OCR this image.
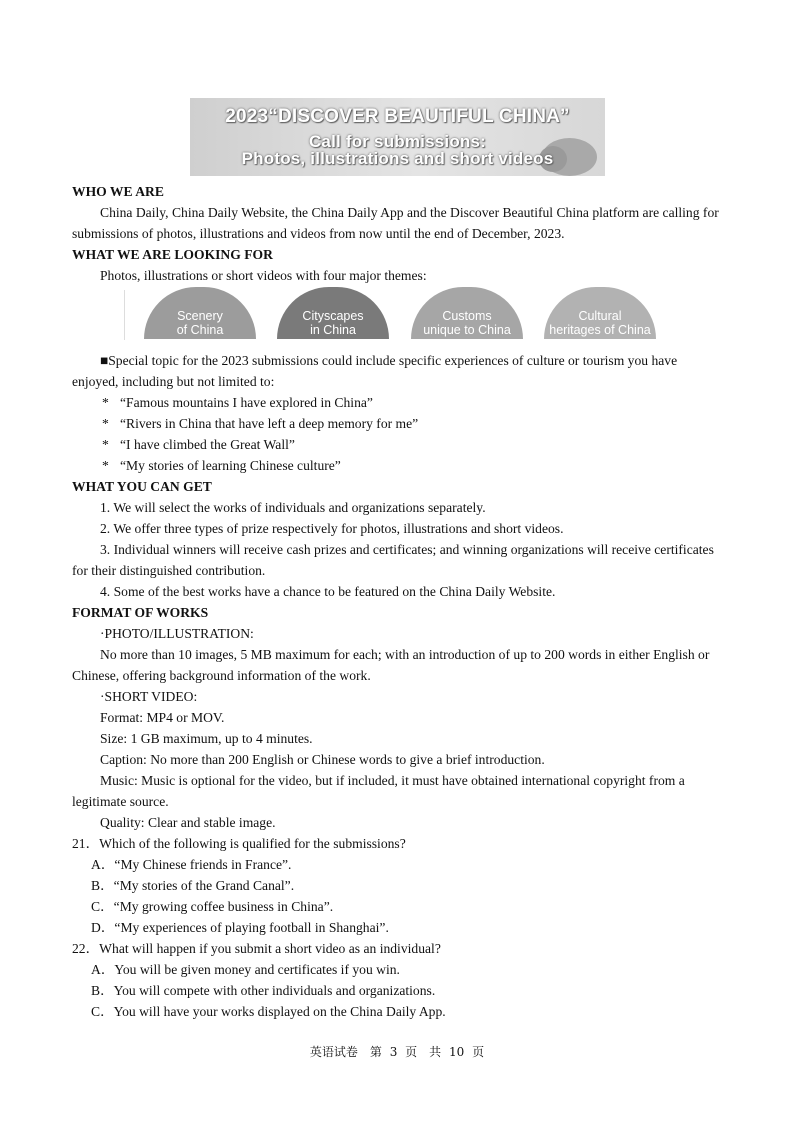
2023“DISCOVER BEAUTIFUL CHINA”
Call for submissions:
Photos, illustrations and short videos

WHO WE ARE

China Daily, China Daily Website, the China Daily App and the Discover Beautiful China platform are calling for submissions of photos, illustrations and videos from now until the end of December, 2023.

WHAT WE ARE LOOKING FOR

Photos, illustrations or short videos with four major themes:

Scenery
of China
Cityscapes
in China
Customs
unique to China
Cultural
heritages of China

■Special topic for the 2023 submissions could include specific experiences of culture or tourism you have enjoyed, including but not limited to:

* “Famous mountains I have explored in China”

* “Rivers in China that have left a deep memory for me”

* “I have climbed the Great Wall”

* “My stories of learning Chinese culture”

WHAT YOU CAN GET

1. We will select the works of individuals and organizations separately.

2. We offer three types of prize respectively for photos, illustrations and short videos.

3. Individual winners will receive cash prizes and certificates; and winning organizations will receive certificates for their distinguished contribution.

4. Some of the best works have a chance to be featured on the China Daily Website.

FORMAT OF WORKS

·PHOTO/ILLUSTRATION:

No more than 10 images, 5 MB maximum for each; with an introduction of up to 200 words in either English or Chinese, offering background information of the work.

·SHORT VIDEO:

Format: MP4 or MOV.

Size: 1 GB maximum, up to 4 minutes.

Caption: No more than 200 English or Chinese words to give a brief introduction.

Music: Music is optional for the video, but if included, it must have obtained international copyright from a legitimate source.

Quality: Clear and stable image.

21．Which of the following is qualified for the submissions?

A．“My Chinese friends in France”.

B．“My stories of the Grand Canal”.

C．“My growing coffee business in China”.

D．“My experiences of playing football in Shanghai”.

22．What will happen if you submit a short video as an individual?

A．You will be given money and certificates if you win.

B．You will compete with other individuals and organizations.

C．You will have your works displayed on the China Daily App.

英语试卷　第 3 页　共 10 页
